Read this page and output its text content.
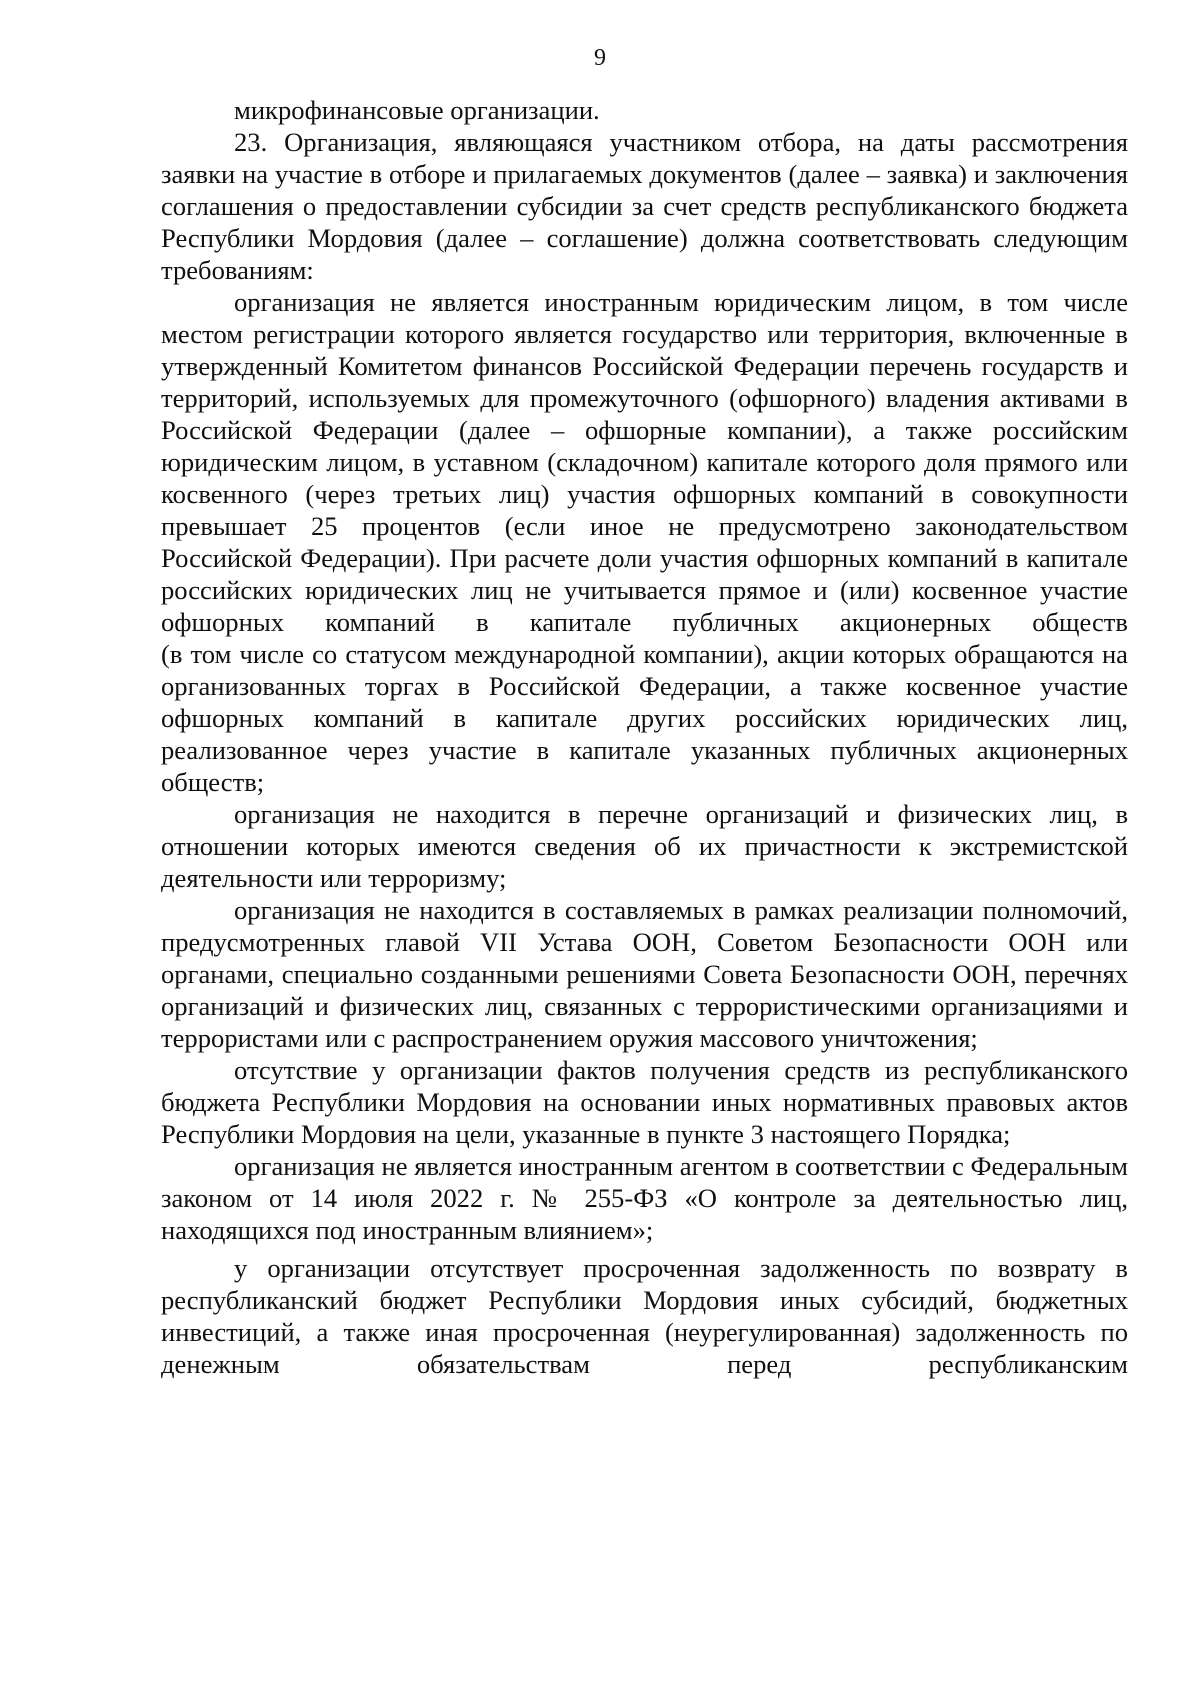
9

микрофинансовые организации.

23. Организация, являющаяся участником отбора, на даты рассмотрения заявки на участие в отборе и прилагаемых документов (далее – заявка) и заключения соглашения о предоставлении субсидии за счет средств республиканского бюджета Республики Мордовия (далее – соглашение) должна соответствовать следующим требованиям:

организация не является иностранным юридическим лицом, в том числе местом регистрации которого является государство или территория, включенные в утвержденный Комитетом финансов Российской Федерации перечень государств и территорий, используемых для промежуточного (офшорного) владения активами в Российской Федерации (далее – офшорные компании), а также российским юридическим лицом, в уставном (складочном) капитале которого доля прямого или косвенного (через третьих лиц) участия офшорных компаний в совокупности превышает 25 процентов (если иное не предусмотрено законодательством Российской Федерации). При расчете доли участия офшорных компаний в капитале российских юридических лиц не учитывается прямое и (или) косвенное участие офшорных компаний в капитале публичных акционерных обществ

(в том числе со статусом международной компании), акции которых обращаются на организованных торгах в Российской Федерации, а также косвенное участие офшорных компаний в капитале других российских юридических лиц, реализованное через участие в капитале указанных публичных акционерных обществ;

организация не находится в перечне организаций и физических лиц, в отношении которых имеются сведения об их причастности к экстремистской деятельности или терроризму;

организация не находится в составляемых в рамках реализации полномочий, предусмотренных главой VII Устава ООН, Советом Безопасности ООН или органами, специально созданными решениями Совета Безопасности ООН, перечнях организаций и физических лиц, связанных с террористическими организациями и террористами или с распространением оружия массового уничтожения;

отсутствие у организации фактов получения средств из республиканского бюджета Республики Мордовия на основании иных нормативных правовых актов Республики Мордовия на цели, указанные в пункте 3 настоящего Порядка;

организация не является иностранным агентом в соответствии с Федеральным законом от 14 июля 2022 г. № 255-ФЗ «О контроле за деятельностью лиц, находящихся под иностранным влиянием»;

у организации отсутствует просроченная задолженность по возврату в республиканский бюджет Республики Мордовия иных субсидий, бюджетных инвестиций, а также иная просроченная (неурегулированная) задолженность по денежным обязательствам перед республиканским
